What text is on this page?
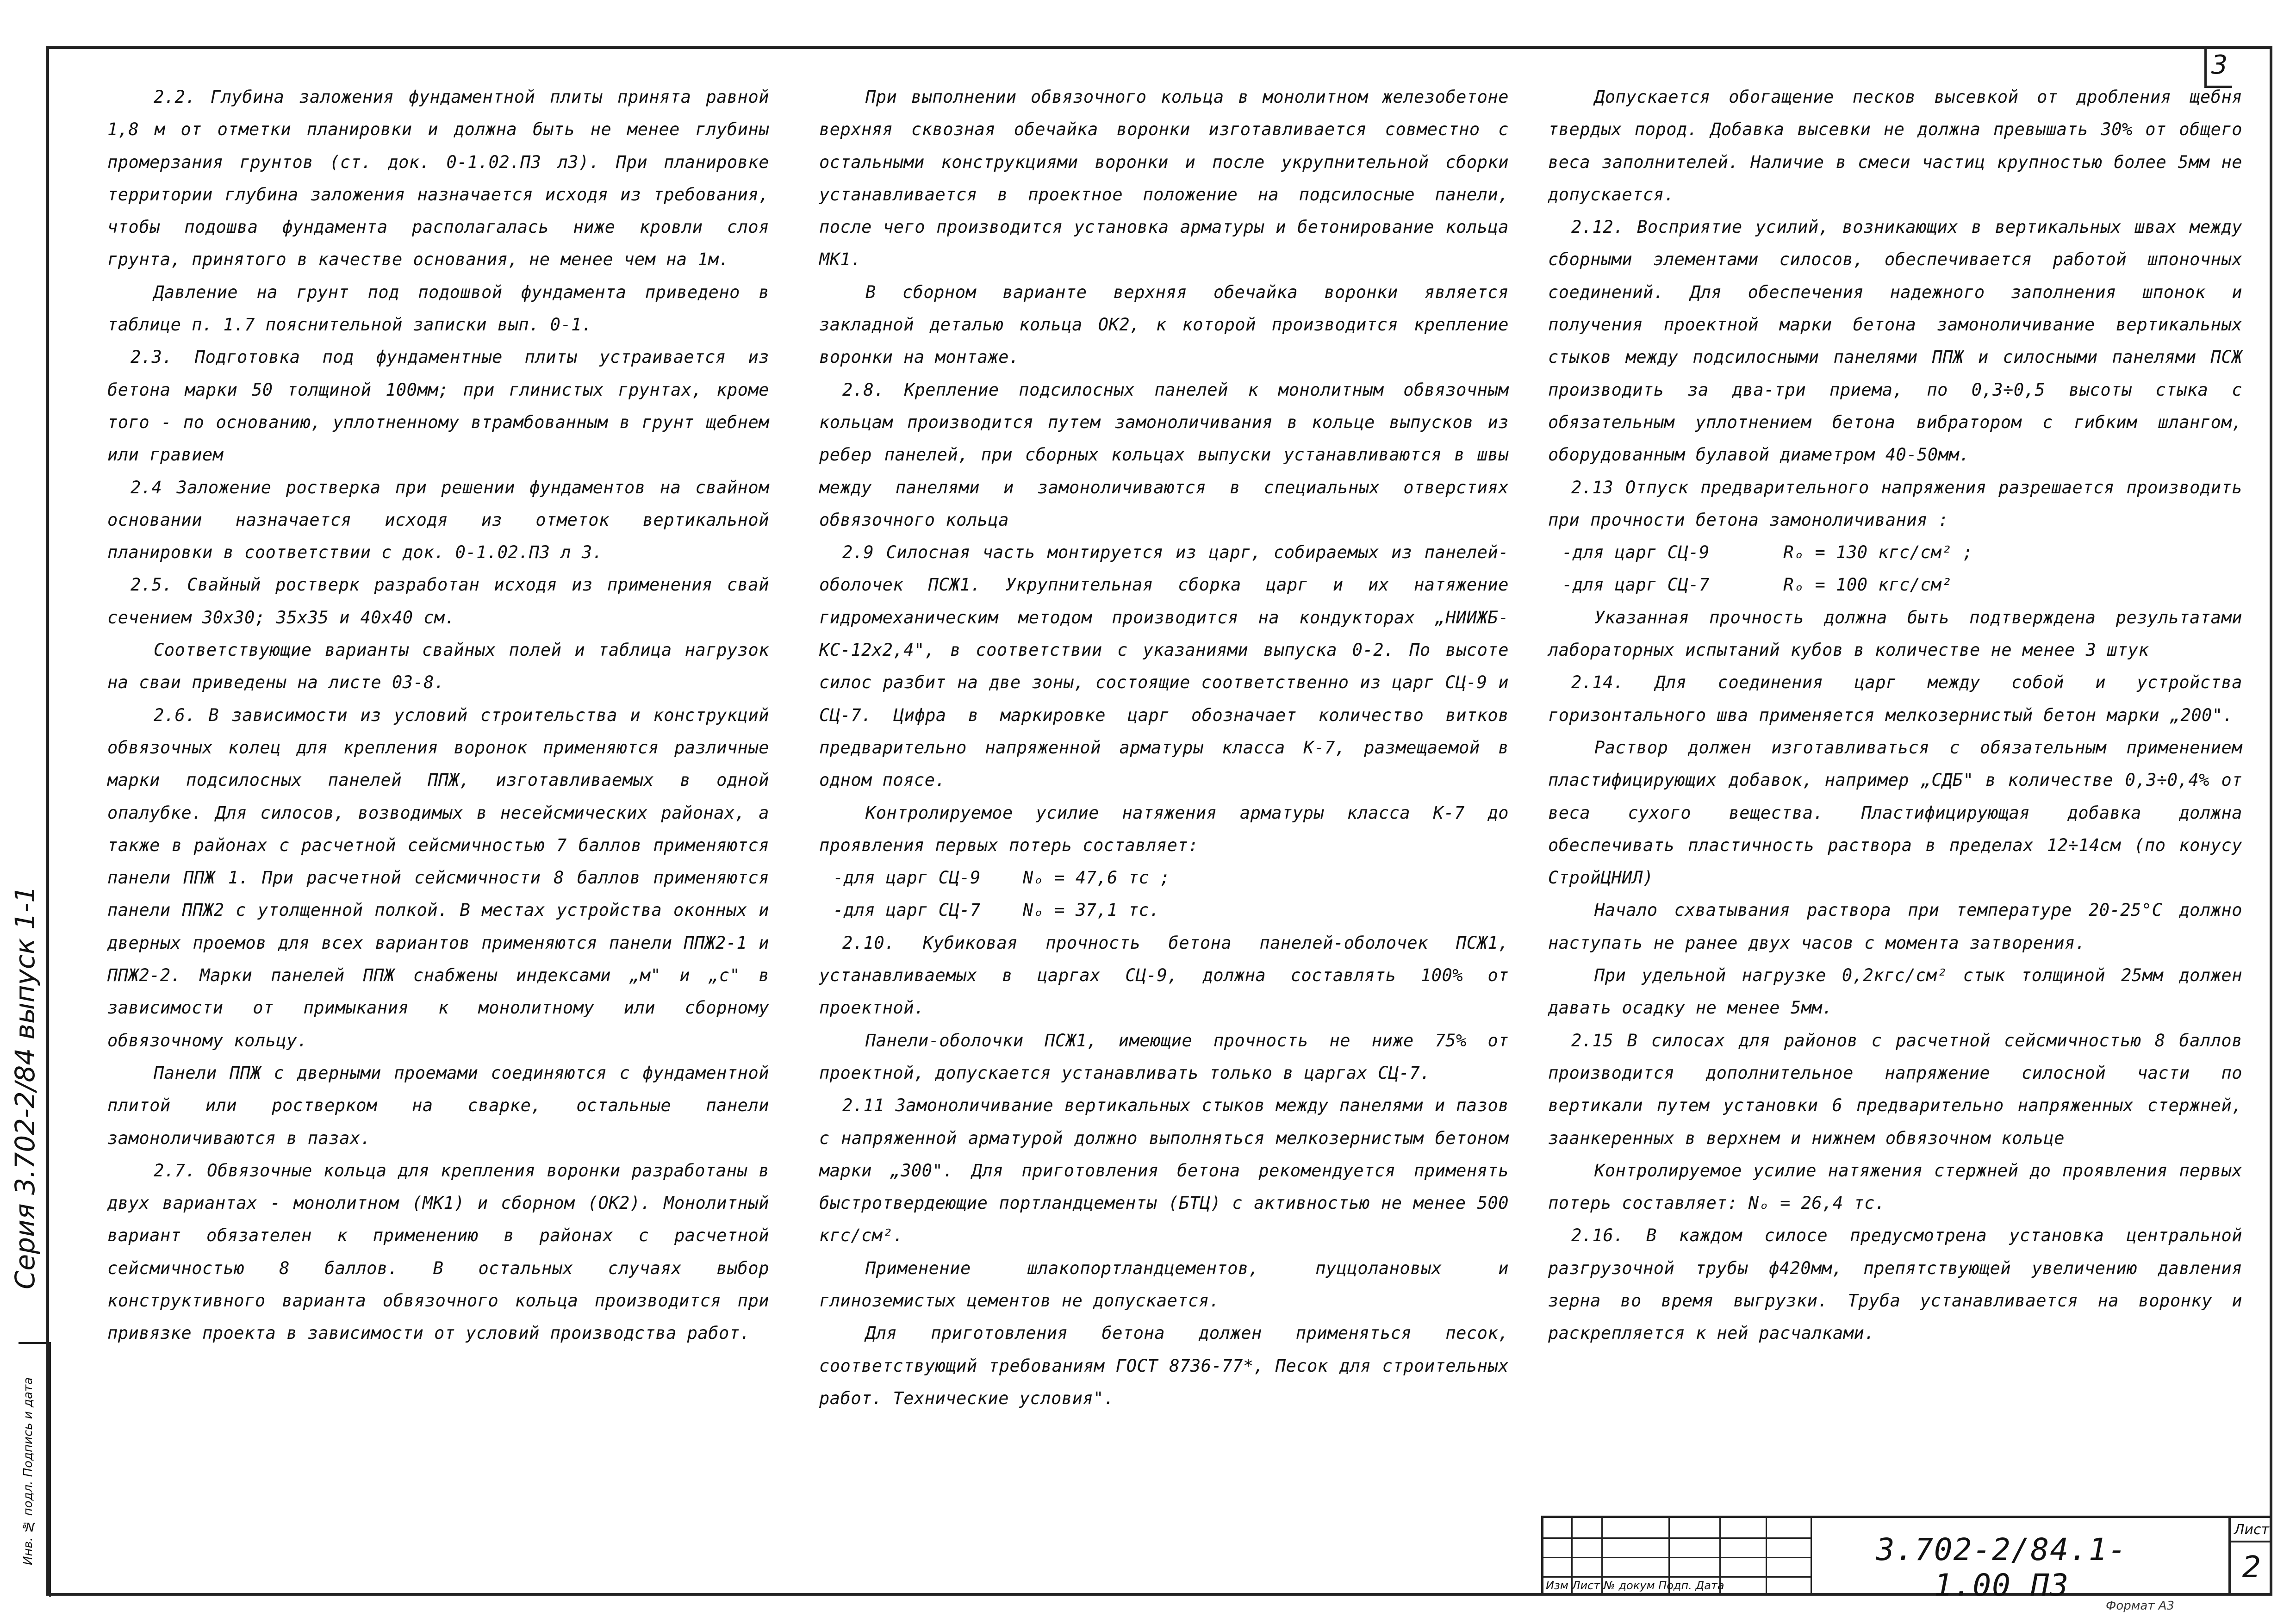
3
Серия 3.702-2/84 выпуск 1-1
Инв. № подл. Подпись и дата

2.2. Глубина заложения фундаментной плиты принята равной 1,8 м от отметки планировки и должна быть не менее глубины промерзания грунтов (ст. док. 0-1.02.ПЗ л3). При планировке территории глубина заложения назначается исходя из требования, чтобы подошва фундамента располагалась ниже кровли слоя грунта, принятого в качестве основания, не менее чем на 1м.

Давление на грунт под подошвой фундамента приведено в таблице п. 1.7 пояснительной записки вып. 0-1.

2.3. Подготовка под фундаментные плиты устраивается из бетона марки 50 толщиной 100мм; при глинистых грунтах, кроме того - по основанию, уплотненному втрамбованным в грунт щебнем или гравием

2.4 Заложение ростверка при решении фундаментов на свайном основании назначается исходя из отметок вертикальной планировки в соответствии с док. 0-1.02.ПЗ л 3.

2.5. Свайный ростверк разработан исходя из применения свай сечением 30х30; 35х35 и 40х40 см.

Соответствующие варианты свайных полей и таблица нагрузок на сваи приведены на листе 03-8.

2.6. В зависимости из условий строительства и конструкций обвязочных колец для крепления воронок применяются различные марки подсилосных панелей ППЖ, изготавливаемых в одной опалубке. Для силосов, возводимых в несейсмических районах, а также в районах с расчетной сейсмичностью 7 баллов применяются панели ППЖ 1. При расчетной сейсмичности 8 баллов применяются панели ППЖ2 с утолщенной полкой. В местах устройства оконных и дверных проемов для всех вариантов применяются панели ППЖ2-1 и ППЖ2-2. Марки панелей ППЖ снабжены индексами „м" и „с" в зависимости от примыкания к монолитному или сборному обвязочному кольцу.

Панели ППЖ с дверными проемами соединяются с фундаментной плитой или ростверком на сварке, остальные панели замоноличиваются в пазах.

2.7. Обвязочные кольца для крепления воронки разработаны в двух вариантах - монолитном (МК1) и сборном (ОК2). Монолитный вариант обязателен к применению в районах с расчетной сейсмичностью 8 баллов. В остальных случаях выбор конструктивного варианта обвязочного кольца производится при привязке проекта в зависимости от условий производства работ.

При выполнении обвязочного кольца в монолитном железобетоне верхняя сквозная обечайка воронки изготавливается совместно с остальными конструкциями воронки и после укрупнительной сборки устанавливается в проектное положение на подсилосные панели, после чего производится установка арматуры и бетонирование кольца МК1.

В сборном варианте верхняя обечайка воронки является закладной деталью кольца ОК2, к которой производится крепление воронки на монтаже.

2.8. Крепление подсилосных панелей к монолитным обвязочным кольцам производится путем замоноличивания в кольце выпусков из ребер панелей, при сборных кольцах выпуски устанавливаются в швы между панелями и замоноличиваются в специальных отверстиях обвязочного кольца

2.9 Силосная часть монтируется из царг, собираемых из панелей-оболочек ПСЖ1. Укрупнительная сборка царг и их натяжение гидромеханическим методом производится на кондукторах „НИИЖБ-КС-12х2,4", в соответствии с указаниями выпуска 0-2. По высоте силос разбит на две зоны, состоящие соответственно из царг СЦ-9 и СЦ-7. Цифра в маркировке царг обозначает количество витков предварительно напряженной арматуры класса К-7, размещаемой в одном поясе.

Контролируемое усилие натяжения арматуры класса К-7 до проявления первых потерь составляет:

-для царг СЦ-9    Nₒ = 47,6 тс ;

-для царг СЦ-7    Nₒ = 37,1 тс.

2.10. Кубиковая прочность бетона панелей-оболочек ПСЖ1, устанавливаемых в царгах СЦ-9, должна составлять 100% от проектной.

Панели-оболочки ПСЖ1, имеющие прочность не ниже 75% от проектной, допускается устанавливать только в царгах СЦ-7.

2.11 Замоноличивание вертикальных стыков между панелями и пазов с напряженной арматурой должно выполняться мелкозернистым бетоном марки „300". Для приготовления бетона рекомендуется применять быстротвердеющие портландцементы (БТЦ) с активностью не менее 500 кгс/см².

Применение шлакопортландцементов, пуццолановых и глиноземистых цементов не допускается.

Для приготовления бетона должен применяться песок, соответствующий требованиям ГОСТ 8736-77*, Песок для строительных работ. Технические условия".

Допускается обогащение песков высевкой от дробления щебня твердых пород. Добавка высевки не должна превышать 30% от общего веса заполнителей. Наличие в смеси частиц крупностью более 5мм не допускается.

2.12. Восприятие усилий, возникающих в вертикальных швах между сборными элементами силосов, обеспечивается работой шпоночных соединений. Для обеспечения надежного заполнения шпонок и получения проектной марки бетона замоноличивание вертикальных стыков между подсилосными панелями ППЖ и силосными панелями ПСЖ производить за два-три приема, по 0,3÷0,5 высоты стыка с обязательным уплотнением бетона вибратором с гибким шлангом, оборудованным булавой диаметром 40-50мм.

2.13 Отпуск предварительного напряжения разрешается производить при прочности бетона замоноличивания :

-для царг СЦ-9       Rₒ = 130 кгс/см² ;

-для царг СЦ-7       Rₒ = 100 кгс/см²

Указанная прочность должна быть подтверждена результатами лабораторных испытаний кубов в количестве не менее 3 штук

2.14. Для соединения царг между собой и устройства горизонтального шва применяется мелкозернистый бетон марки „200".

Раствор должен изготавливаться с обязательным применением пластифицирующих добавок, например „СДБ" в количестве 0,3÷0,4% от веса сухого вещества. Пластифицирующая добавка должна обеспечивать пластичность раствора в пределах 12÷14см (по конусу СтройЦНИЛ)

Начало схватывания раствора при температуре 20-25°С должно наступать не ранее двух часов с момента затворения.

При удельной нагрузке 0,2кгс/см² стык толщиной 25мм должен давать осадку не менее 5мм.

2.15 В силосах для районов с расчетной сейсмичностью 8 баллов производится дополнительное напряжение силосной части по вертикали путем установки 6 предварительно напряженных стержней, заанкеренных в верхнем и нижнем обвязочном кольце

Контролируемое усилие натяжения стержней до проявления первых потерь составляет: Nₒ = 26,4 тс.

2.16. В каждом силосе предусмотрена установка центральной разгрузочной трубы ф420мм, препятствующей увеличению давления зерна во время выгрузки. Труба устанавливается на воронку и раскрепляется к ней расчалками.

Изм Лист № докум Подп. Дата
3.702-2/84.1-1.00 ПЗ
Лист
2
Формат А3
